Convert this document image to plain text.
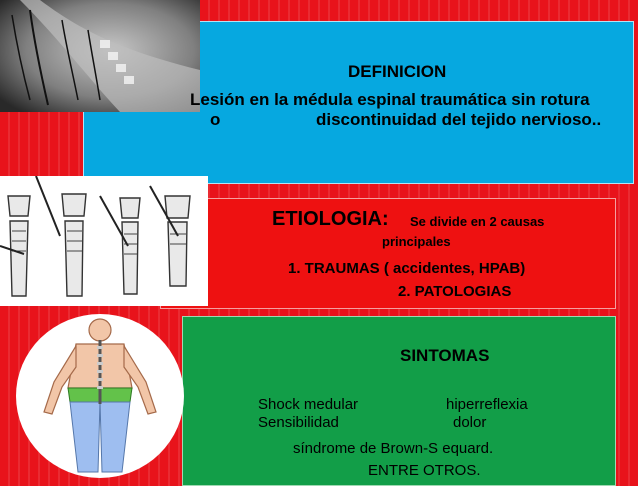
DEFINICION
Lesión en la médula espinal traumática sin rotura
o	discontinuidad del tejido nervioso..
ETIOLOGIA: Se divide en 2 causas
principales
1. TRAUMAS ( accidentes, HPAB)
2. PATOLOGIAS
SINTOMAS
Shock medular	hiperreflexia
Sensibilidad	dolor
síndrome de Brown-S equard.
ENTRE OTROS.
